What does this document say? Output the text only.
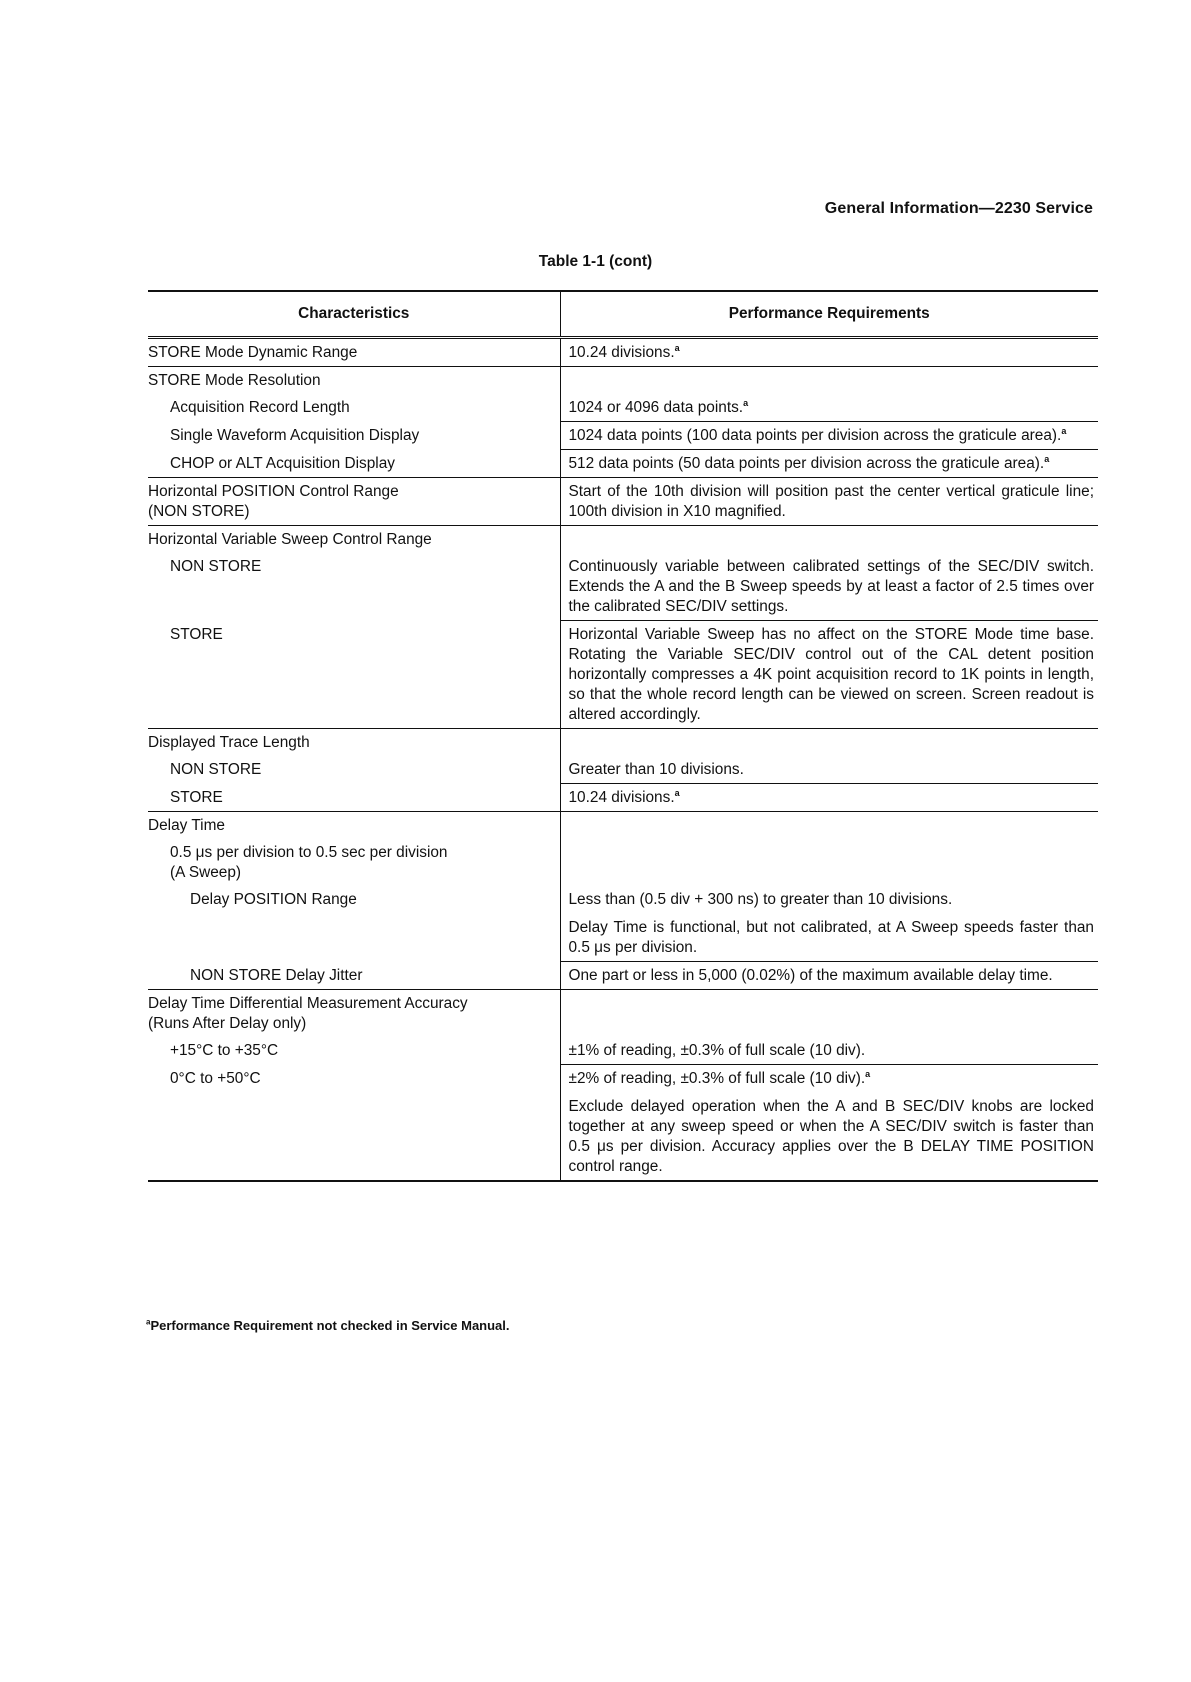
General Information—2230 Service
Table 1-1 (cont)
Characteristics	Performance Requirements
STORE Mode Dynamic Range	10.24 divisions.$^a$
STORE Mode Resolution	
Acquisition Record Length	1024 or 4096 data points.$^a$
Single Waveform Acquisition Display	1024 data points (100 data points per division across the graticule area).$^a$
CHOP or ALT Acquisition Display	512 data points (50 data points per division across the graticule area).$^a$

Horizontal POSITION Control Range
(NON STORE)	Start of the 10th division will position past the center vertical graticule line; 100th division in X10 magnified.
Horizontal Variable Sweep Control Range	
NON STORE	Continuously variable between calibrated settings of the SEC/DIV switch. Extends the A and the B Sweep speeds by at least a factor of 2.5 times over the calibrated SEC/DIV settings.
STORE	Horizontal Variable Sweep has no affect on the STORE Mode time base. Rotating the Variable SEC/DIV control out of the CAL detent position horizontally compresses a 4K point acquisition record to 1K points in length, so that the whole record length can be viewed on screen. Screen readout is altered accordingly.
Displayed Trace Length	
NON STORE	Greater than 10 divisions.
STORE	10.24 divisions.$^a$
Delay Time	

0.5 μs per division to 0.5 sec per division
(A Sweep)	

Delay POSITION Range	Less than (0.5 div + 300 ns) to greater than 10 divisions.
Delay Time is functional, but not calibrated, at A Sweep speeds faster than 0.5 μs per division.

NON STORE Delay Jitter	One part or less in 5,000 (0.02%) of the maximum available delay time.

Delay Time Differential Measurement Accuracy
(Runs After Delay only)	

+15°C to +35°C	±1% of reading, ±0.3% of full scale (10 div).
0°C to +50°C	±2% of reading, ±0.3% of full scale (10 div).$^a$
Exclude delayed operation when the A and B SEC/DIV knobs are locked together at any sweep speed or when the A SEC/DIV switch is faster than 0.5 μs per division. Accuracy applies over the B DELAY TIME POSITION control range.
$^a$Performance Requirement not checked in Service Manual.
